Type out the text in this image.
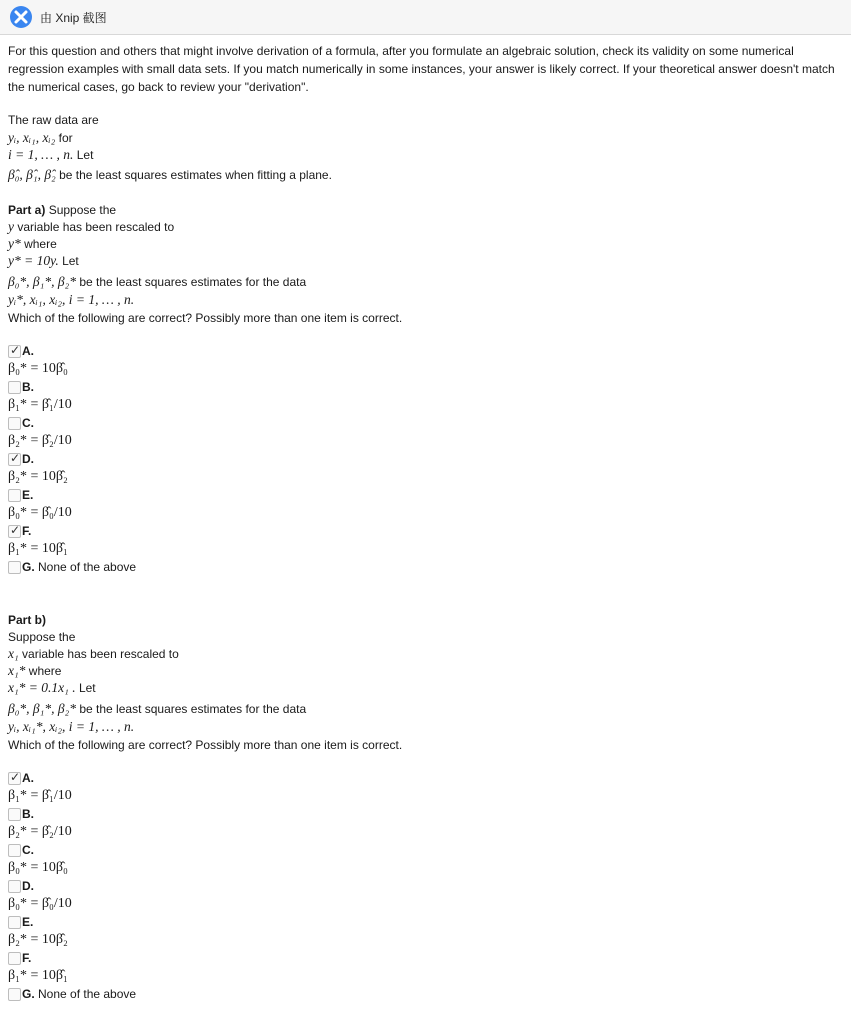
由 Xnip 截图
For this question and others that might involve derivation of a formula, after you formulate an algebraic solution, check its validity on some numerical regression examples with small data sets. If you match numerically in some instances, your answer is likely correct. If your theoretical answer doesn't match the numerical cases, go back to review your "derivation".
The raw data are
yᵢ, xᵢ₁, xᵢ₂ for
i = 1, … , n. Let
β̂₀, β̂₁, β̂₂ be the least squares estimates when fitting a plane.
Part a) Suppose the
y variable has been rescaled to
y* where
y* = 10y. Let
β₀*, β₁*, β₂* be the least squares estimates for the data
yᵢ*, xᵢ₁, xᵢ₂, i = 1, … , n.
Which of the following are correct? Possibly more than one item is correct.
✓ A.
β₀* = 10β̂₀
B.
β₁* = β̂₁/10
C.
β₂* = β̂₂/10
✓ D.
β₂* = 10β̂₂
E.
β₀* = β̂₀/10
✓ F.
β₁* = 10β̂₁
G. None of the above
Part b)
Suppose the
x₁ variable has been rescaled to
x₁* where
x₁* = 0.1x₁ . Let
β₀*, β₁*, β₂* be the least squares estimates for the data
yᵢ, xᵢ₁*, xᵢ₂, i = 1, … , n.
Which of the following are correct? Possibly more than one item is correct.
✓ A.
β₁* = β̂₁/10
B.
β₂* = β̂₂/10
C.
β₀* = 10β̂₀
D.
β₀* = β̂₀/10
E.
β₂* = 10β̂₂
F.
β₁* = 10β̂₁
G. None of the above
